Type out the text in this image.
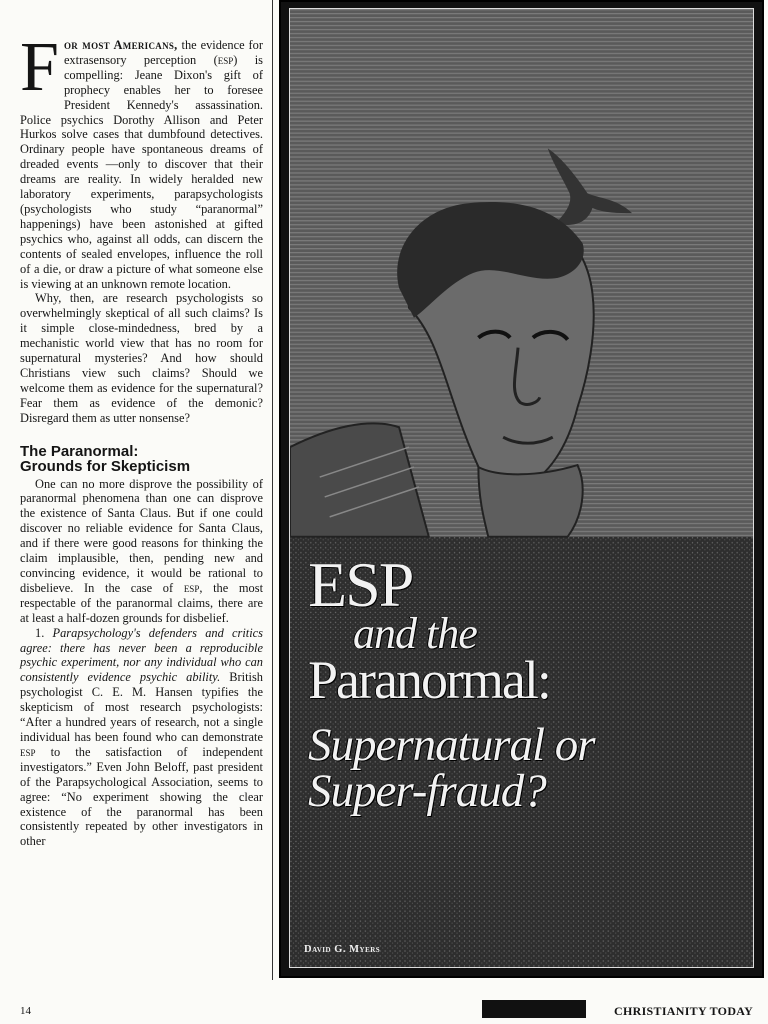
For most Americans, the evidence for extrasensory perception (esp) is compelling: Jeane Dixon's gift of prophecy enables her to foresee President Kennedy's assassination. Police psychics Dorothy Allison and Peter Hurkos solve cases that dumbfound detectives. Ordinary people have spontaneous dreams of dreaded events —only to discover that their dreams are reality. In widely heralded new laboratory experiments, parapsychologists (psychologists who study “paranormal” happenings) have been astonished at gifted psychics who, against all odds, can discern the contents of sealed envelopes, influence the roll of a die, or draw a picture of what someone else is viewing at an unknown remote location.

Why, then, are research psychologists so overwhelmingly skeptical of all such claims? Is it simple close-mindedness, bred by a mechanistic world view that has no room for supernatural mysteries? And how should Christians view such claims? Should we welcome them as evidence for the supernatural? Fear them as evidence of the demonic? Disregard them as utter nonsense?

The Paranormal:
Grounds for Skepticism

One can no more disprove the possibility of paranormal phenomena than one can disprove the existence of Santa Claus. But if one could discover no reliable evidence for Santa Claus, and if there were good reasons for thinking the claim implausible, then, pending new and convincing evidence, it would be rational to disbelieve. In the case of esp, the most respectable of the paranormal claims, there are at least a half-dozen grounds for disbelief.

1. Parapsychology's defenders and critics agree: there has never been a reproducible psychic experiment, nor any individual who can consistently evidence psychic ability. British psychologist C. E. M. Hansen typifies the skepticism of most research psychologists: “After a hundred years of research, not a single individual has been found who can demonstrate esp to the satisfaction of independent investigators.” Even John Beloff, past president of the Parapsychological Association, seems to agree: “No experiment showing the clear existence of the paranormal has been consistently repeated by other investigators in other

ESP
and the
Paranormal:
Supernatural or
Super-fraud?
David G. Myers
14	CHRISTIANITY TODAY
